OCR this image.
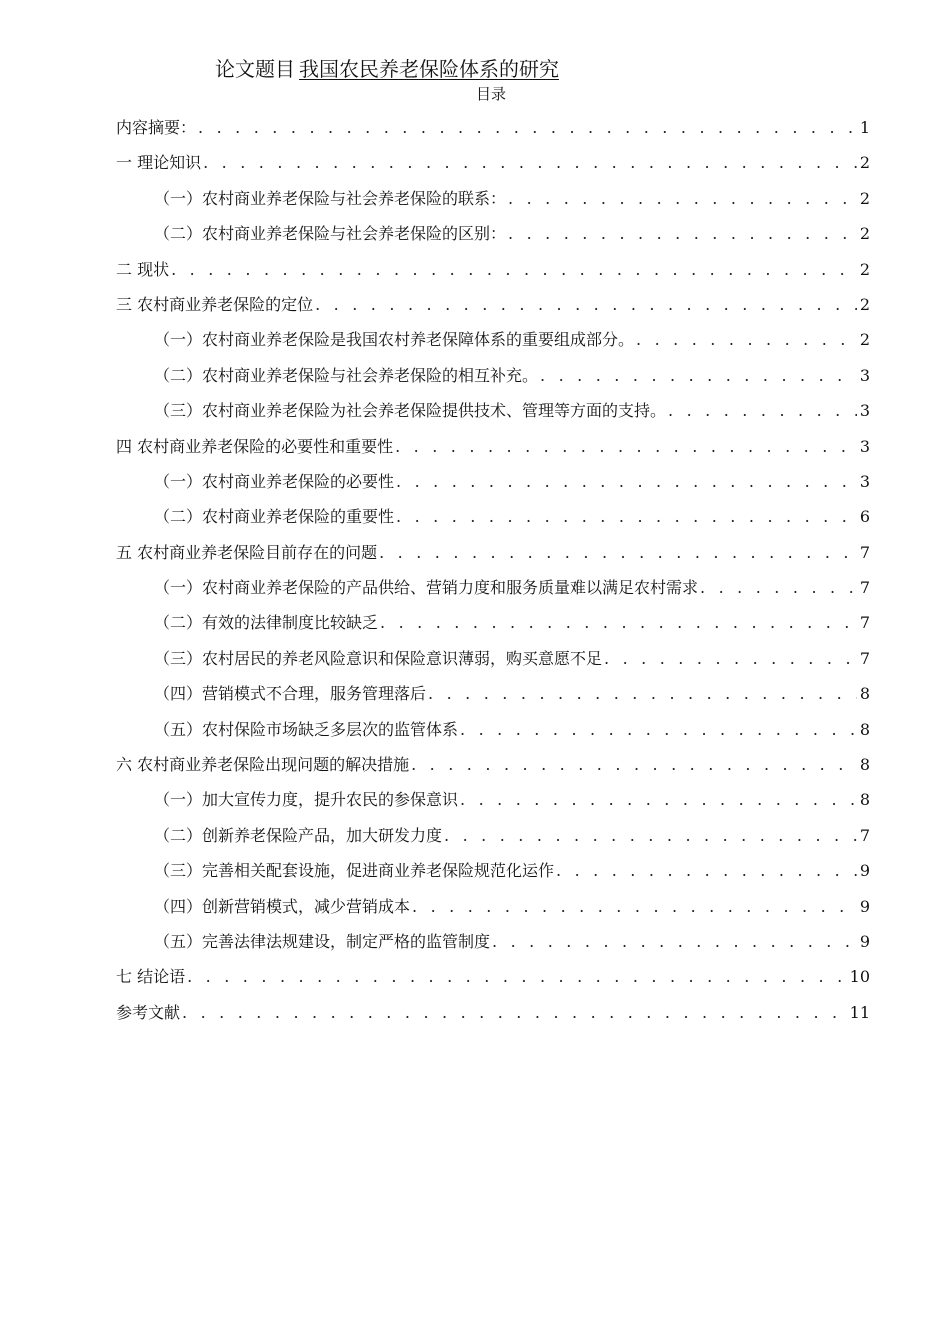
论文题目 我国农民养老保险体系的研究
目录
内容摘要： . . .	1
一 理论知识 . . .	2
（一）农村商业养老保险与社会养老保险的联系： . . .	2
（二）农村商业养老保险与社会养老保险的区别： . . .	2
二 现状 . . .	2
三 农村商业养老保险的定位 . . .	2
（一）农村商业养老保险是我国农村养老保障体系的重要组成部分。 . . .	2
（二）农村商业养老保险与社会养老保险的相互补充。 . . .	3
（三）农村商业养老保险为社会养老保险提供技术、管理等方面的支持。 . . .	3
四 农村商业养老保险的必要性和重要性 . . .	3
（一）农村商业养老保险的必要性 . . .	3
（二）农村商业养老保险的重要性 . . .	6
五 农村商业养老保险目前存在的问题 . . .	7
（一）农村商业养老保险的产品供给、营销力度和服务质量难以满足农村需求 . . .	7
（二）有效的法律制度比较缺乏 . . .	7
（三）农村居民的养老风险意识和保险意识薄弱，购买意愿不足 . . .	7
（四）营销模式不合理，服务管理落后 . . .	8
（五）农村保险市场缺乏多层次的监管体系 . . .	8
六 农村商业养老保险出现问题的解决措施 . . .	8
（一）加大宣传力度，提升农民的参保意识 . . .	8
（二）创新养老保险产品，加大研发力度 . . .	7
（三）完善相关配套设施，促进商业养老保险规范化运作 . . .	9
（四）创新营销模式，减少营销成本 . . .	9
（五）完善法律法规建设，制定严格的监管制度 . . .	9
七 结论语 . . .	10
参考文献 . . .	11
